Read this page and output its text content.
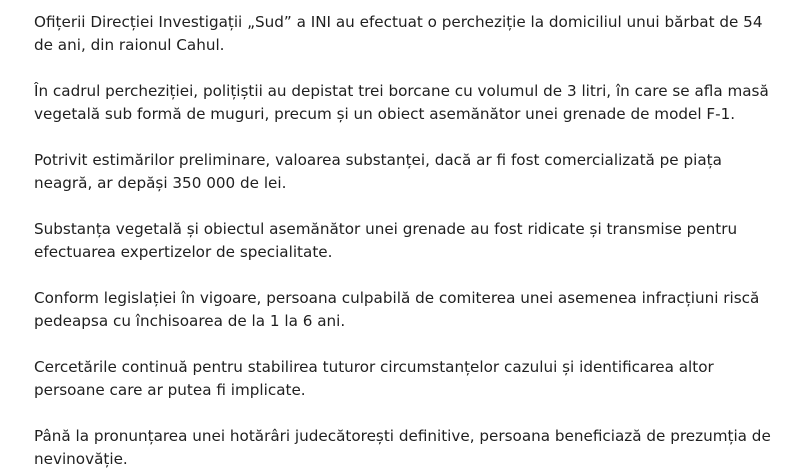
Ofițerii Direcției Investigații „Sud” a INI au efectuat o percheziție la domiciliul unui bărbat de 54 de ani, din raionul Cahul.

În cadrul percheziției, polițiștii au depistat trei borcane cu volumul de 3 litri, în care se afla masă vegetală sub formă de muguri, precum și un obiect asemănător unei grenade de model F-1.

Potrivit estimărilor preliminare, valoarea substanței, dacă ar fi fost comercializată pe piața neagră, ar depăși 350 000 de lei.

Substanța vegetală și obiectul asemănător unei grenade au fost ridicate și transmise pentru efectuarea expertizelor de specialitate.

Conform legislației în vigoare, persoana culpabilă de comiterea unei asemenea infracțiuni riscă pedeapsa cu închisoarea de la 1 la 6 ani.

Cercetările continuă pentru stabilirea tuturor circumstanțelor cazului și identificarea altor persoane care ar putea fi implicate.

Până la pronunțarea unei hotărâri judecătorești definitive, persoana beneficiază de prezumția de nevinovăție.
